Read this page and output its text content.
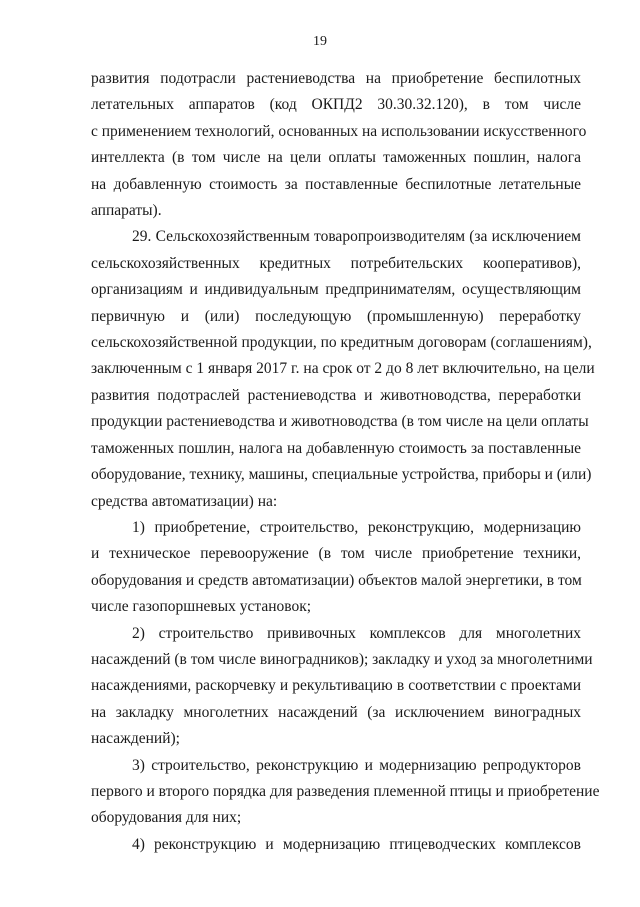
19

развития подотрасли растениеводства на приобретение беспилотных
летательных аппаратов (код ОКПД2 30.30.32.120), в том числе
с применением технологий, основанных на использовании искусственного
интеллекта (в том числе на цели оплаты таможенных пошлин, налога
на добавленную стоимость за поставленные беспилотные летательные
аппараты).

29. Сельскохозяйственным товаропроизводителям (за исключением
сельскохозяйственных кредитных потребительских кооперативов),
организациям и индивидуальным предпринимателям, осуществляющим
первичную и (или) последующую (промышленную) переработку
сельскохозяйственной продукции, по кредитным договорам (соглашениям),
заключенным с 1 января 2017 г. на срок от 2 до 8 лет включительно, на цели
развития подотраслей растениеводства и животноводства, переработки
продукции растениеводства и животноводства (в том числе на цели оплаты
таможенных пошлин, налога на добавленную стоимость за поставленные
оборудование, технику, машины, специальные устройства, приборы и (или)
средства автоматизации) на:

1) приобретение, строительство, реконструкцию, модернизацию
и техническое перевооружение (в том числе приобретение техники,
оборудования и средств автоматизации) объектов малой энергетики, в том
числе газопоршневых установок;

2) строительство прививочных комплексов для многолетних
насаждений (в том числе виноградников); закладку и уход за многолетними
насаждениями, раскорчевку и рекультивацию в соответствии с проектами
на закладку многолетних насаждений (за исключением виноградных
насаждений);

3) строительство, реконструкцию и модернизацию репродукторов
первого и второго порядка для разведения племенной птицы и приобретение
оборудования для них;

4) реконструкцию и модернизацию птицеводческих комплексов
